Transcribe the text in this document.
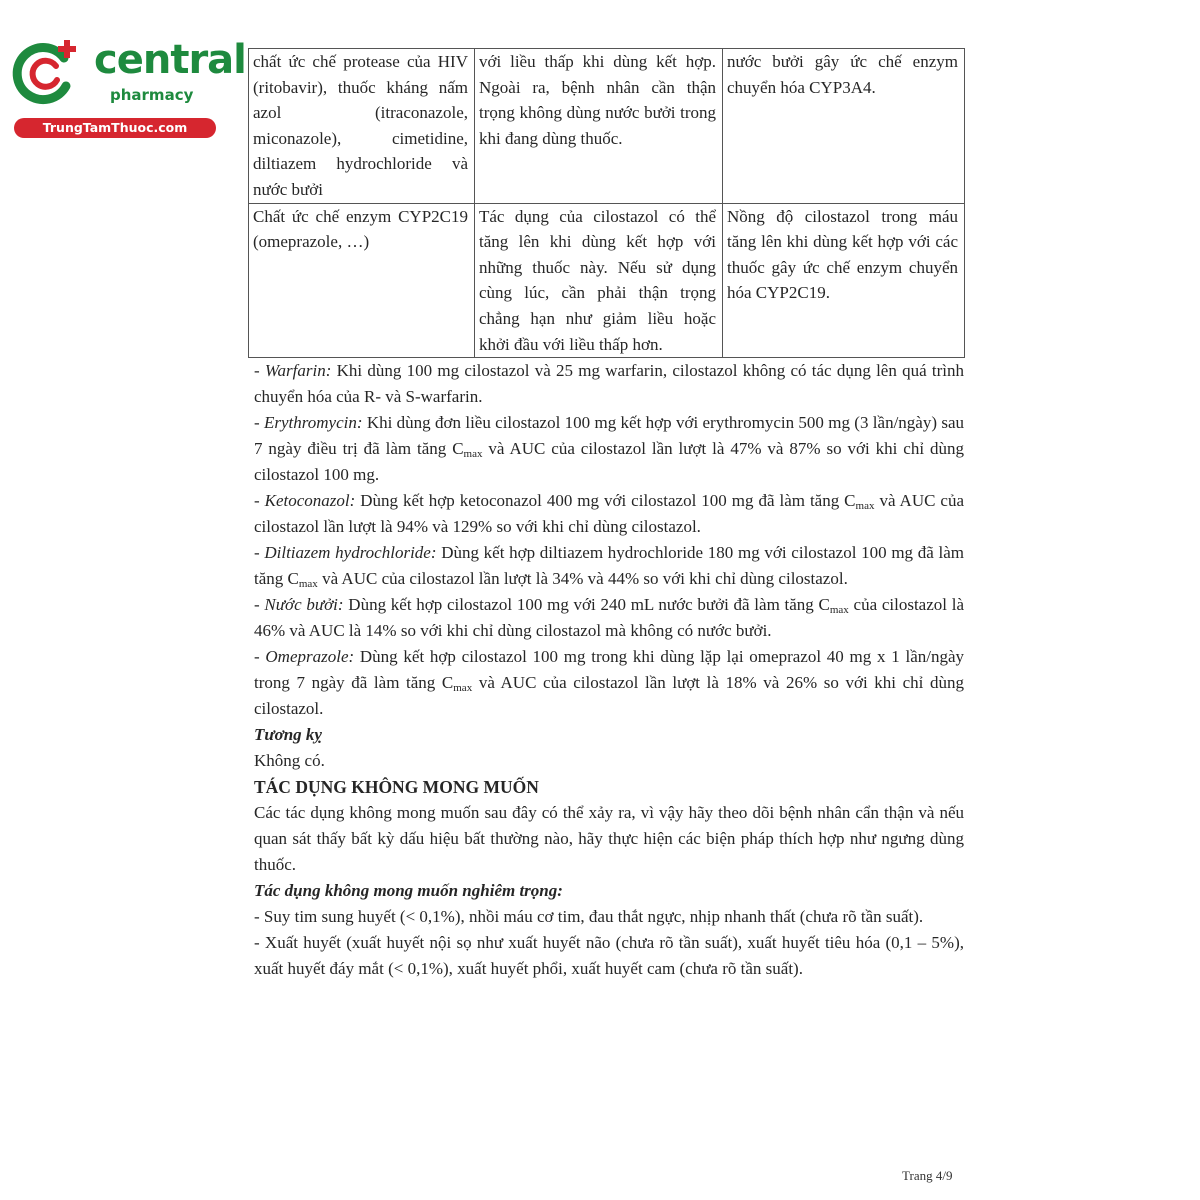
central
pharmacy
TrungTamThuoc.com
chất ức chế protease của HIV (ritobavir), thuốc kháng nấm azol (itraconazole, miconazole), cimetidine, diltiazem hydrochloride và nước bưởi	với liều thấp khi dùng kết hợp. Ngoài ra, bệnh nhân cần thận trọng không dùng nước bưởi trong khi đang dùng thuốc.	nước bưởi gây ức chế enzym chuyển hóa CYP3A4.
Chất ức chế enzym CYP2C19 (omeprazole, …)	Tác dụng của cilostazol có thể tăng lên khi dùng kết hợp với những thuốc này. Nếu sử dụng cùng lúc, cần phải thận trọng chẳng hạn như giảm liều hoặc khởi đầu với liều thấp hơn.	Nồng độ cilostazol trong máu tăng lên khi dùng kết hợp với các thuốc gây ức chế enzym chuyển hóa CYP2C19.

- Warfarin: Khi dùng 100 mg cilostazol và 25 mg warfarin, cilostazol không có tác dụng lên quá trình chuyển hóa của R- và S-warfarin.

- Erythromycin: Khi dùng đơn liều cilostazol 100 mg kết hợp với erythromycin 500 mg (3 lần/ngày) sau 7 ngày điều trị đã làm tăng $C_{max}$ và AUC của cilostazol lần lượt là 47% và 87% so với khi chỉ dùng cilostazol 100 mg.

- Ketoconazol: Dùng kết hợp ketoconazol 400 mg với cilostazol 100 mg đã làm tăng $C_{max}$ và AUC của cilostazol lần lượt là 94% và 129% so với khi chỉ dùng cilostazol.

- Diltiazem hydrochloride: Dùng kết hợp diltiazem hydrochloride 180 mg với cilostazol 100 mg đã làm tăng $C_{max}$ và AUC của cilostazol lần lượt là 34% và 44% so với khi chỉ dùng cilostazol.

- Nước bưởi: Dùng kết hợp cilostazol 100 mg với 240 mL nước bưởi đã làm tăng $C_{max}$ của cilostazol là 46% và AUC là 14% so với khi chỉ dùng cilostazol mà không có nước bưởi.

- Omeprazole: Dùng kết hợp cilostazol 100 mg trong khi dùng lặp lại omeprazol 40 mg x 1 lần/ngày trong 7 ngày đã làm tăng $C_{max}$ và AUC của cilostazol lần lượt là 18% và 26% so với khi chỉ dùng cilostazol.

Tương kỵ

Không có.

TÁC DỤNG KHÔNG MONG MUỐN

Các tác dụng không mong muốn sau đây có thể xảy ra, vì vậy hãy theo dõi bệnh nhân cẩn thận và nếu quan sát thấy bất kỳ dấu hiệu bất thường nào, hãy thực hiện các biện pháp thích hợp như ngưng dùng thuốc.

Tác dụng không mong muốn nghiêm trọng:

- Suy tim sung huyết (< 0,1%), nhồi máu cơ tim, đau thắt ngực, nhịp nhanh thất (chưa rõ tần suất).

- Xuất huyết (xuất huyết nội sọ như xuất huyết não (chưa rõ tần suất), xuất huyết tiêu hóa (0,1 – 5%), xuất huyết đáy mắt (< 0,1%), xuất huyết phổi, xuất huyết cam (chưa rõ tần suất).

Trang 4/9
